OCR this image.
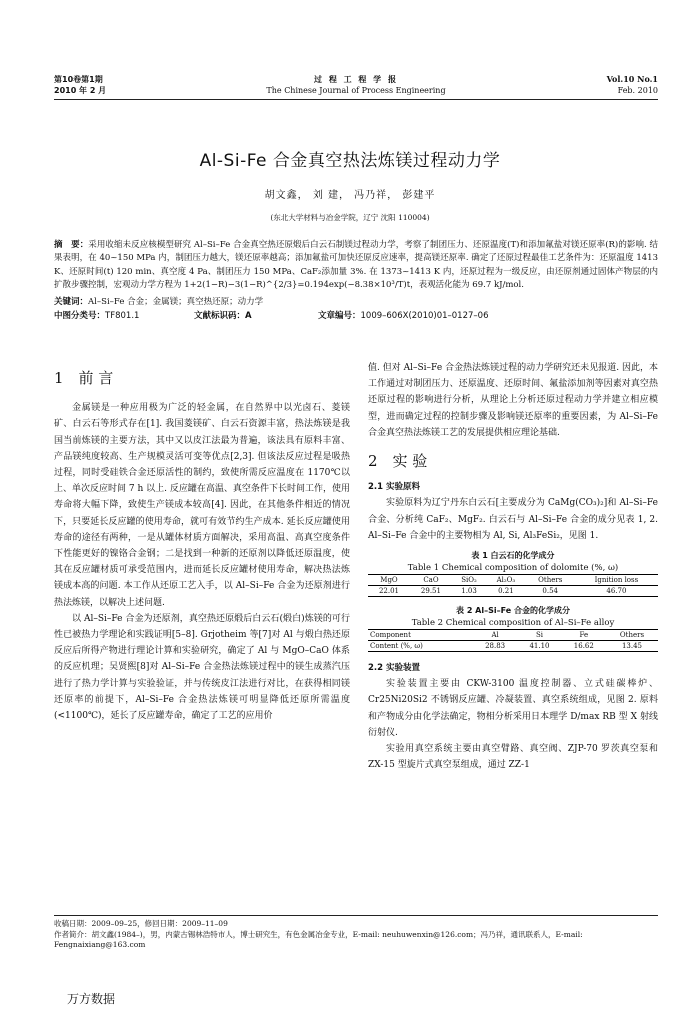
第10卷第1期
2010 年 2 月
过 程 工 程 学 报
The Chinese Journal of Process Engineering
Vol.10 No.1
Feb. 2010
Al-Si-Fe 合金真空热法炼镁过程动力学
胡文鑫， 刘 建， 冯乃祥， 彭建平
(东北大学材料与冶金学院，辽宁 沈阳 110004)
摘　要：采用收缩未反应核模型研究 Al–Si–Fe 合金真空热还原煅后白云石制镁过程动力学，考察了制团压力、还原温度(T)和添加氟盐对镁还原率(R)的影响. 结果表明，在 40~150 MPa 内，制团压力越大，镁还原率越高；添加氟盐可加快还原反应速率，提高镁还原率. 确定了还原过程最佳工艺条件为：还原温度 1413 K、还原时间(t) 120 min、真空度 4 Pa、制团压力 150 MPa、CaF₂添加量 3%. 在 1373~1413 K 内，还原过程为一级反应，由还原剂通过固体产物层的内扩散步骤控制，宏观动力学方程为 1+2(1−R)−3(1−R)^{2/3}=0.194exp(−8.38×10³/T)t，表观活化能为 69.7 kJ/mol.
关键词：Al–Si–Fe 合金；金属镁；真空热还原；动力学
中图分类号：TF801.1	文献标识码：A	文章编号：1009–606X(2010)01–0127–06
1　前 言

金属镁是一种应用极为广泛的轻金属，在自然界中以光卤石、菱镁矿、白云石等形式存在[1]. 我国菱镁矿、白云石资源丰富，热法炼镁是我国当前炼镁的主要方法，其中又以皮江法最为普遍，该法具有原料丰富、产品镁纯度较高、生产规模灵活可变等优点[2,3]. 但该法反应过程是吸热过程，同时受硅铁合金还原活性的制约，致使所需反应温度在 1170℃以上、单次反应时间 7 h 以上. 反应罐在高温、真空条件下长时间工作，使用寿命将大幅下降，致使生产镁成本较高[4]. 因此，在其他条件相近的情况下，只要延长反应罐的使用寿命，就可有效节约生产成本. 延长反应罐使用寿命的途径有两种，一是从罐体材质方面解决，采用高温、高真空度条件下性能更好的镍铬合金钢；二是找到一种新的还原剂以降低还原温度，使其在反应罐材质可承受范围内，进而延长反应罐材使用寿命，解决热法炼镁成本高的问题. 本工作从还原工艺入手，以 Al–Si–Fe 合金为还原剂进行热法炼镁，以解决上述问题.

以 Al–Si–Fe 合金为还原剂，真空热还原煅后白云石(煅白)炼镁的可行性已被热力学理论和实践证明[5–8]. Grjotheim 等[7]对 Al 与煅白热还原反应后所得产物进行理论计算和实验研究，确定了 Al 与 MgO–CaO 体系的反应机理；吴贤熙[8]对 Al–Si–Fe 合金热法炼镁过程中的镁生成蒸汽压进行了热力学计算与实验验证，并与传统皮江法进行对比，在获得相同镁还原率的前提下，Al–Si–Fe 合金热法炼镁可明显降低还原所需温度(<1100℃)，延长了反应罐寿命，确定了工艺的应用价

值. 但对 Al–Si–Fe 合金热法炼镁过程的动力学研究还未见报道. 因此，本工作通过对制团压力、还原温度、还原时间、氟盐添加剂等因素对真空热还原过程的影响进行分析，从理论上分析还原过程动力学并建立相应模型，进而确定过程的控制步骤及影响镁还原率的重要因素，为 Al–Si–Fe 合金真空热法炼镁工艺的发展提供相应理论基础.

2　实 验
2.1 实验原料

实验原料为辽宁丹东白云石[主要成分为 CaMg(CO₃)₂]和 Al–Si–Fe 合金、分析纯 CaF₂、MgF₂. 白云石与 Al–Si–Fe 合金的成分见表 1, 2. Al–Si–Fe 合金中的主要物相为 Al, Si, Al₃FeSi₂，见图 1.

表 1 白云石的化学成分
Table 1 Chemical composition of dolomite (%, ω)
MgO	CaO	SiO₂	Al₂O₃	Others	Ignition loss
22.01	29.51	1.03	0.21	0.54	46.70
表 2 Al–Si–Fe 合金的化学成分
Table 2 Chemical composition of Al–Si–Fe alloy
Component	Al	Si	Fe	Others
Content (%, ω)	28.83	41.10	16.62	13.45
2.2 实验装置

实验装置主要由 CKW-3100 温度控制器、立式硅碳棒炉、Cr25Ni20Si2 不锈钢反应罐、冷凝装置、真空系统组成，见图 2. 原料和产物成分由化学法确定，物相分析采用日本理学 D/max RB 型 X 射线衍射仪.

实验用真空系统主要由真空臂路、真空阀、ZJP-70 罗茨真空泵和 ZX-15 型旋片式真空泵组成，通过 ZZ-1

收稿日期：2009–09–25，修回日期：2009–11–09
作者简介：胡文鑫(1984–)，男，内蒙古锡林浩特市人，博士研究生，有色金属冶金专业，E-mail: neuhuwenxin@126.com；冯乃祥，通讯联系人，E-mail: Fengnaixiang@163.com
万方数据
